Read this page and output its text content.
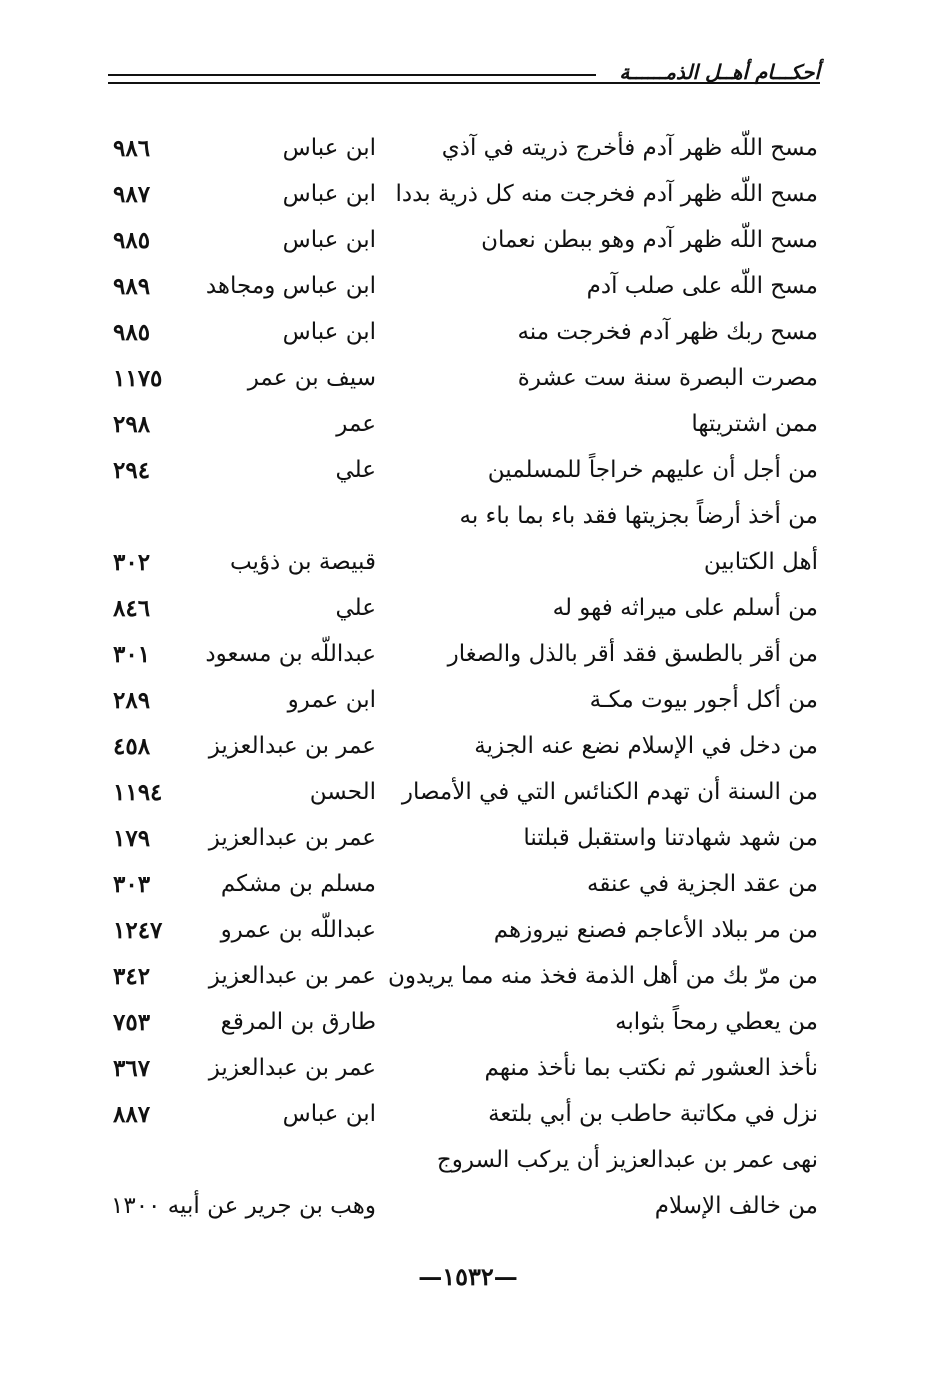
أحكـــام أهــل الذمــــــة
مسح اللّه ظهر آدم فأخرج ذريته في آذي
ابن عباس
٩٨٦
مسح اللّه ظهر آدم فخرجت منه كل ذرية بددا
ابن عباس
٩٨٧
مسح اللّه ظهر آدم وهو ببطن نعمان
ابن عباس
٩٨٥
مسح اللّه على صلب آدم
ابن عباس ومجاهد
٩٨٩
مسح ربك ظهر آدم فخرجت منه
ابن عباس
٩٨٥
مصرت البصرة سنة ست عشرة
سيف بن عمر
١١٧٥
ممن اشتريتها
عمر
٢٩٨
من أجل أن عليهم خراجاً للمسلمين
علي
٢٩٤
من أخذ أرضاً بجزيتها فقد باء بما باء به
أهل الكتابين
قبيصة بن ذؤيب
٣٠٢
من أسلم على ميراثه فهو له
علي
٨٤٦
من أقر بالطسق فقد أقر بالذل والصغار
عبداللّه بن مسعود
٣٠١
من أكل أجور بيوت مكـة
ابن عمرو
٢٨٩
من دخل في الإسلام نضع عنه الجزية
عمر بن عبدالعزيز
٤٥٨
من السنة أن تهدم الكنائس التي في الأمصار
الحسن
١١٩٤
من شهد شهادتنا واستقبل قبلتنا
عمر بن عبدالعزيز
١٧٩
من عقد الجزية في عنقه
مسلم بن مشكم
٣٠٣
من مر ببلاد الأعاجم فصنع نيروزهم
عبداللّه بن عمرو
١٢٤٧
من مرّ بك من أهل الذمة فخذ منه مما يريدون
عمر بن عبدالعزيز
٣٤٢
من يعطي رمحاً بثوابه
طارق بن المرقع
٧٥٣
نأخذ العشور ثم نكتب بما نأخذ منهم
عمر بن عبدالعزيز
٣٦٧
نزل في مكاتبة حاطب بن أبي بلتعة
ابن عباس
٨٨٧
نهى عمر بن عبدالعزيز أن يركب السروج
من خالف الإسلام
وهب بن جرير عن أبيه ١٣٠٠
—١٥٣٢—
